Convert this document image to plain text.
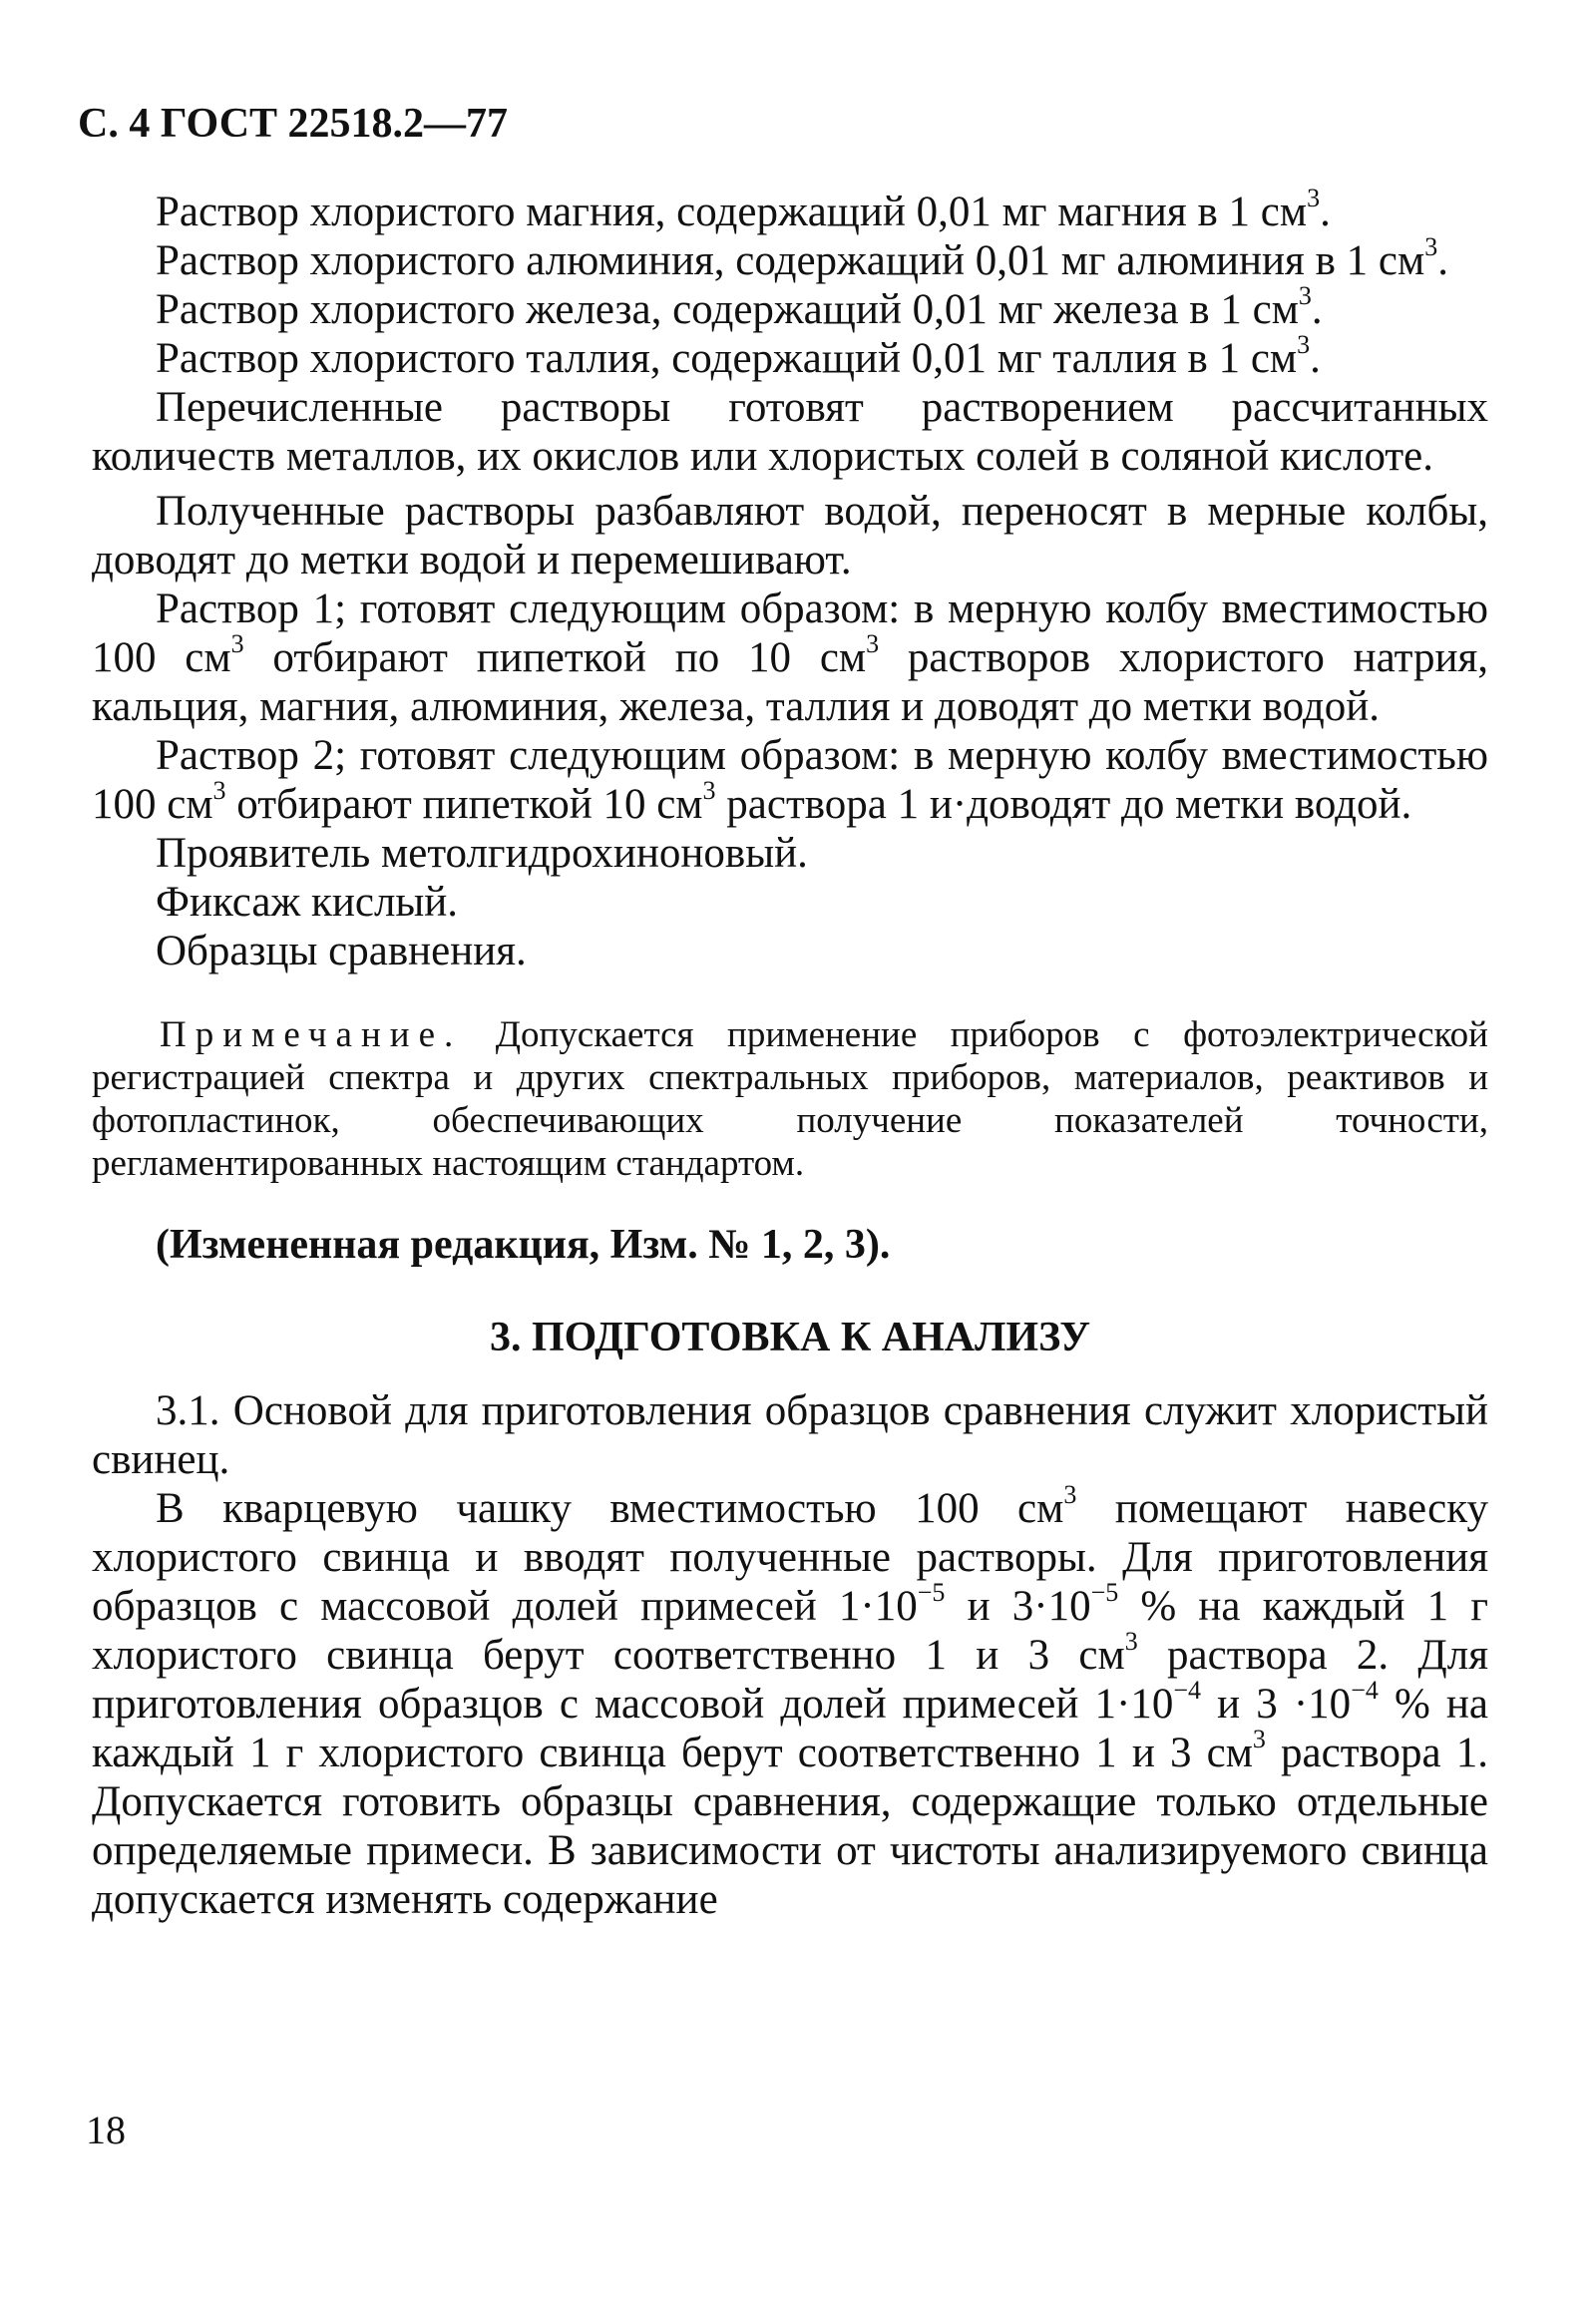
С. 4 ГОСТ 22518.2—77

Раствор хлористого магния, содержащий 0,01 мг магния в 1 $см^3$.

Раствор хлористого алюминия, содержащий 0,01 мг алюминия в 1 $см^3$.

Раствор хлористого железа, содержащий 0,01 мг железа в 1 $см^3$.

Раствор хлористого таллия, содержащий 0,01 мг таллия в 1 $см^3$.

Перечисленные растворы готовят растворением рассчитанных количеств металлов, их окислов или хлористых солей в соляной кислоте.

Полученные растворы разбавляют водой, переносят в мерные колбы, доводят до метки водой и перемешивают.

Раствор 1; готовят следующим образом: в мерную колбу вместимостью 100 $см^3$ отбирают пипеткой по 10 $см^3$ растворов хлористого натрия, кальция, магния, алюминия, железа, таллия и доводят до метки водой.

Раствор 2; готовят следующим образом: в мерную колбу вместимостью 100 $см^3$ отбирают пипеткой 10 $см^3$ раствора 1 и·доводят до метки водой.

Проявитель метолгидрохиноновый.

Фиксаж кислый.

Образцы сравнения.

Примечание. Допускается применение приборов с фотоэлектрической регистрацией спектра и других спектральных приборов, материалов, реактивов и фотопластинок, обеспечивающих получение показателей точности, регламентированных настоящим стандартом.

(Измененная редакция, Изм. № 1, 2, 3).

3. ПОДГОТОВКА К АНАЛИЗУ

3.1. Основой для приготовления образцов сравнения служит хлористый свинец.

В кварцевую чашку вместимостью 100 $см^3$ помещают навеску хлористого свинца и вводят полученные растворы. Для приготовления образцов с массовой долей примесей $1\cdot 10^{-5}$ и $3\cdot 10^{-5}$ % на каждый 1 г хлористого свинца берут соответственно 1 и 3 $см^3$ раствора 2. Для приготовления образцов с массовой долей примесей $1\cdot 10^{-4}$ и $3 \cdot 10^{-4}$ % на каждый 1 г хлористого свинца берут соответственно 1 и 3 $см^3$ раствора 1. Допускается готовить образцы сравнения, содержащие только отдельные определяемые примеси. В зависимости от чистоты анализируемого свинца допускается изменять содержание

18
